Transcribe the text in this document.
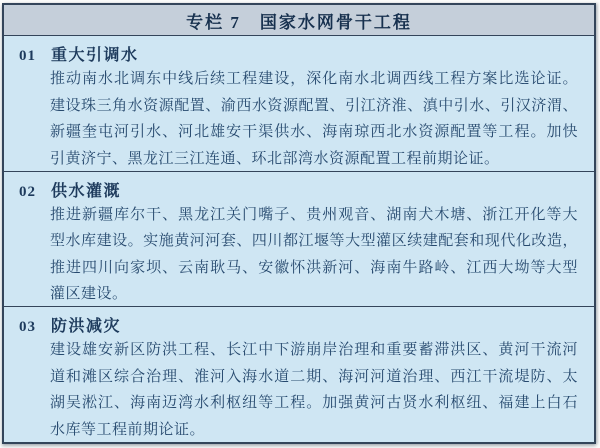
专栏 7　国家水网骨干工程
01 重大引调水
推动南水北调东中线后续工程建设，深化南水北调西线工程方案比选论证。
建设珠三角水资源配置、渝西水资源配置、引江济淮、滇中引水、引汉济渭、
新疆奎屯河引水、河北雄安干渠供水、海南琼西北水资源配置等工程。加快
引黄济宁、黑龙江三江连通、环北部湾水资源配置工程前期论证。
02 供水灌溉
推进新疆库尔干、黑龙江关门嘴子、贵州观音、湖南犬木塘、浙江开化等大
型水库建设。实施黄河河套、四川都江堰等大型灌区续建配套和现代化改造，
推进四川向家坝、云南耿马、安徽怀洪新河、海南牛路岭、江西大坳等大型
灌区建设。
03 防洪减灾
建设雄安新区防洪工程、长江中下游崩岸治理和重要蓄滞洪区、黄河干流河
道和滩区综合治理、淮河入海水道二期、海河河道治理、西江干流堤防、太
湖吴淞江、海南迈湾水利枢纽等工程。加强黄河古贤水利枢纽、福建上白石
水库等工程前期论证。
